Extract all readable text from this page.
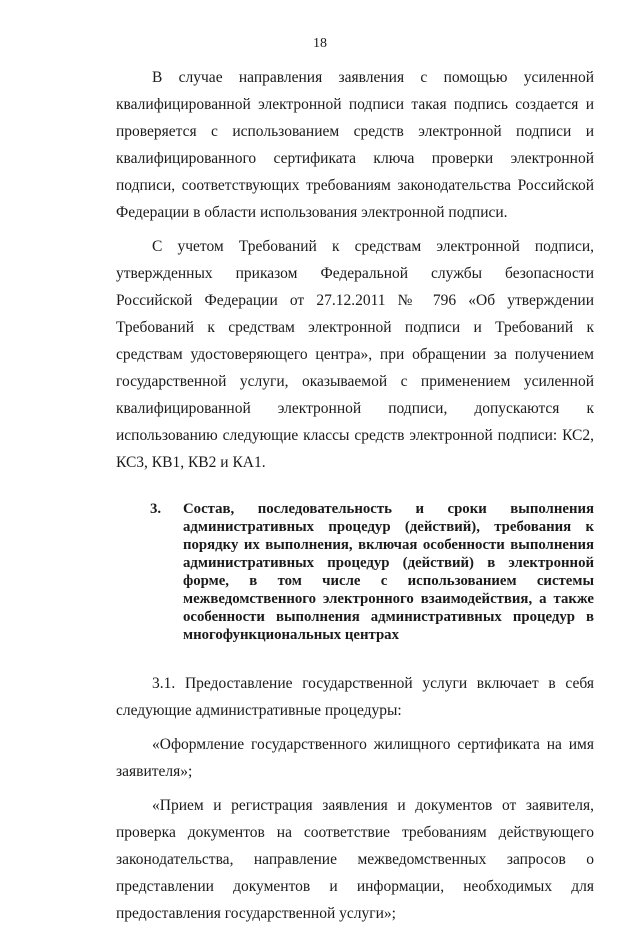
18

В случае направления заявления с помощью усиленной квалифицированной электронной подписи такая подпись создается и проверяется с использованием средств электронной подписи и квалифицированного сертификата ключа проверки электронной подписи, соответствующих требованиям законодательства Российской Федерации в области использования электронной подписи.

С учетом Требований к средствам электронной подписи, утвержденных приказом Федеральной службы безопасности Российской Федерации от 27.12.2011 № 796 «Об утверждении Требований к средствам электронной подписи и Требований к средствам удостоверяющего центра», при обращении за получением государственной услуги, оказываемой с применением усиленной квалифицированной электронной подписи, допускаются к использованию следующие классы средств электронной подписи: КС2, КС3, КВ1, КВ2 и КА1.

3.	Состав, последовательность и сроки выполнения административных процедур (действий), требования к порядку их выполнения, включая особенности выполнения административных процедур (действий) в электронной форме, в том числе с использованием системы межведомственного электронного взаимодействия, а также особенности выполнения административных процедур в многофункциональных центрах

3.1. Предоставление государственной услуги включает в себя следующие административные процедуры:

«Оформление государственного жилищного сертификата на имя заявителя»;

«Прием и регистрация заявления и документов от заявителя, проверка документов на соответствие требованиям действующего законодательства, направление межведомственных запросов о представлении документов и информации, необходимых для предоставления государственной услуги»;
